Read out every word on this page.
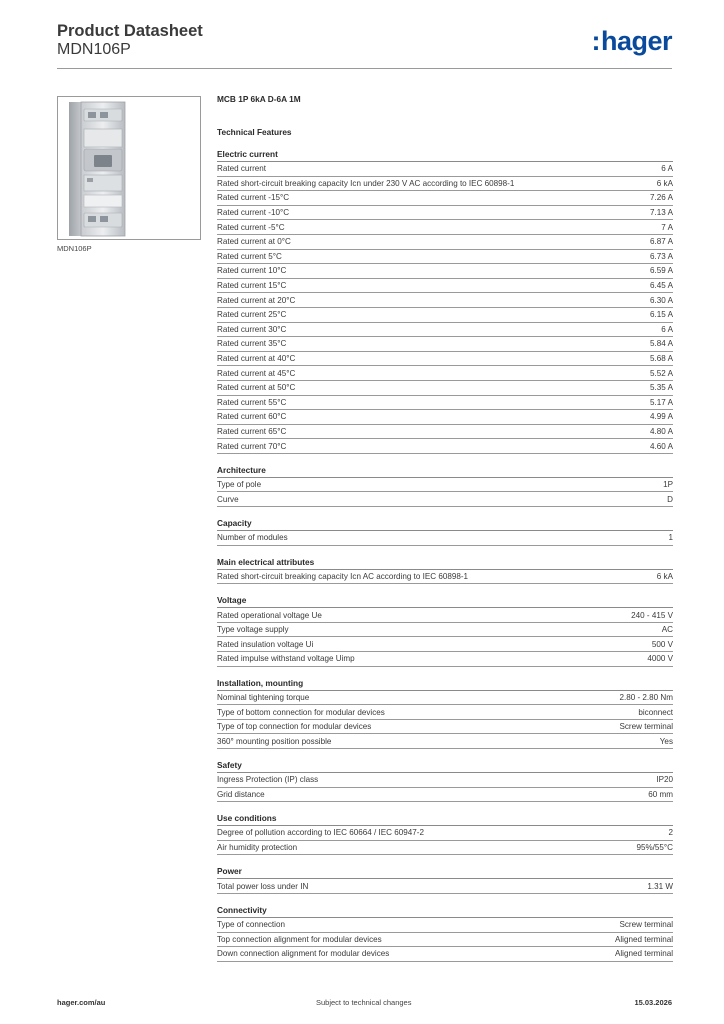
Product Datasheet
MDN106P	:hager
MDN106P
MCB 1P 6kA D-6A 1M
Technical Features
Electric current
Rated current	6 A
Rated short-circuit breaking capacity Icn under 230 V AC according to IEC 60898-1	6 kA
Rated current -15°C	7.26 A
Rated current -10°C	7.13 A
Rated current -5°C	7 A
Rated current at 0°C	6.87 A
Rated current 5°C	6.73 A
Rated current 10°C	6.59 A
Rated current 15°C	6.45 A
Rated current at 20°C	6.30 A
Rated current 25°C	6.15 A
Rated current 30°C	6 A
Rated current 35°C	5.84 A
Rated current at 40°C	5.68 A
Rated current at 45°C	5.52 A
Rated current at 50°C	5.35 A
Rated current 55°C	5.17 A
Rated current 60°C	4.99 A
Rated current 65°C	4.80 A
Rated current 70°C	4.60 A
Architecture
Type of pole	1P
Curve	D
Capacity
Number of modules	1
Main electrical attributes
Rated short-circuit breaking capacity Icn AC according to IEC 60898-1	6 kA
Voltage
Rated operational voltage Ue	240 - 415 V
Type voltage supply	AC
Rated insulation voltage Ui	500 V
Rated impulse withstand voltage Uimp	4000 V
Installation, mounting
Nominal tightening torque	2.80 - 2.80 Nm
Type of bottom connection for modular devices	biconnect
Type of top connection for modular devices	Screw terminal
360° mounting position possible	Yes
Safety
Ingress Protection (IP) class	IP20
Grid distance	60 mm
Use conditions
Degree of pollution according to IEC 60664 / IEC 60947-2	2
Air humidity protection	95%/55°C
Power
Total power loss under IN	1.31 W
Connectivity
Type of connection	Screw terminal
Top connection alignment for modular devices	Aligned terminal
Down connection alignment for modular devices	Aligned terminal
hager.com/au	Subject to technical changes	15.03.2026
